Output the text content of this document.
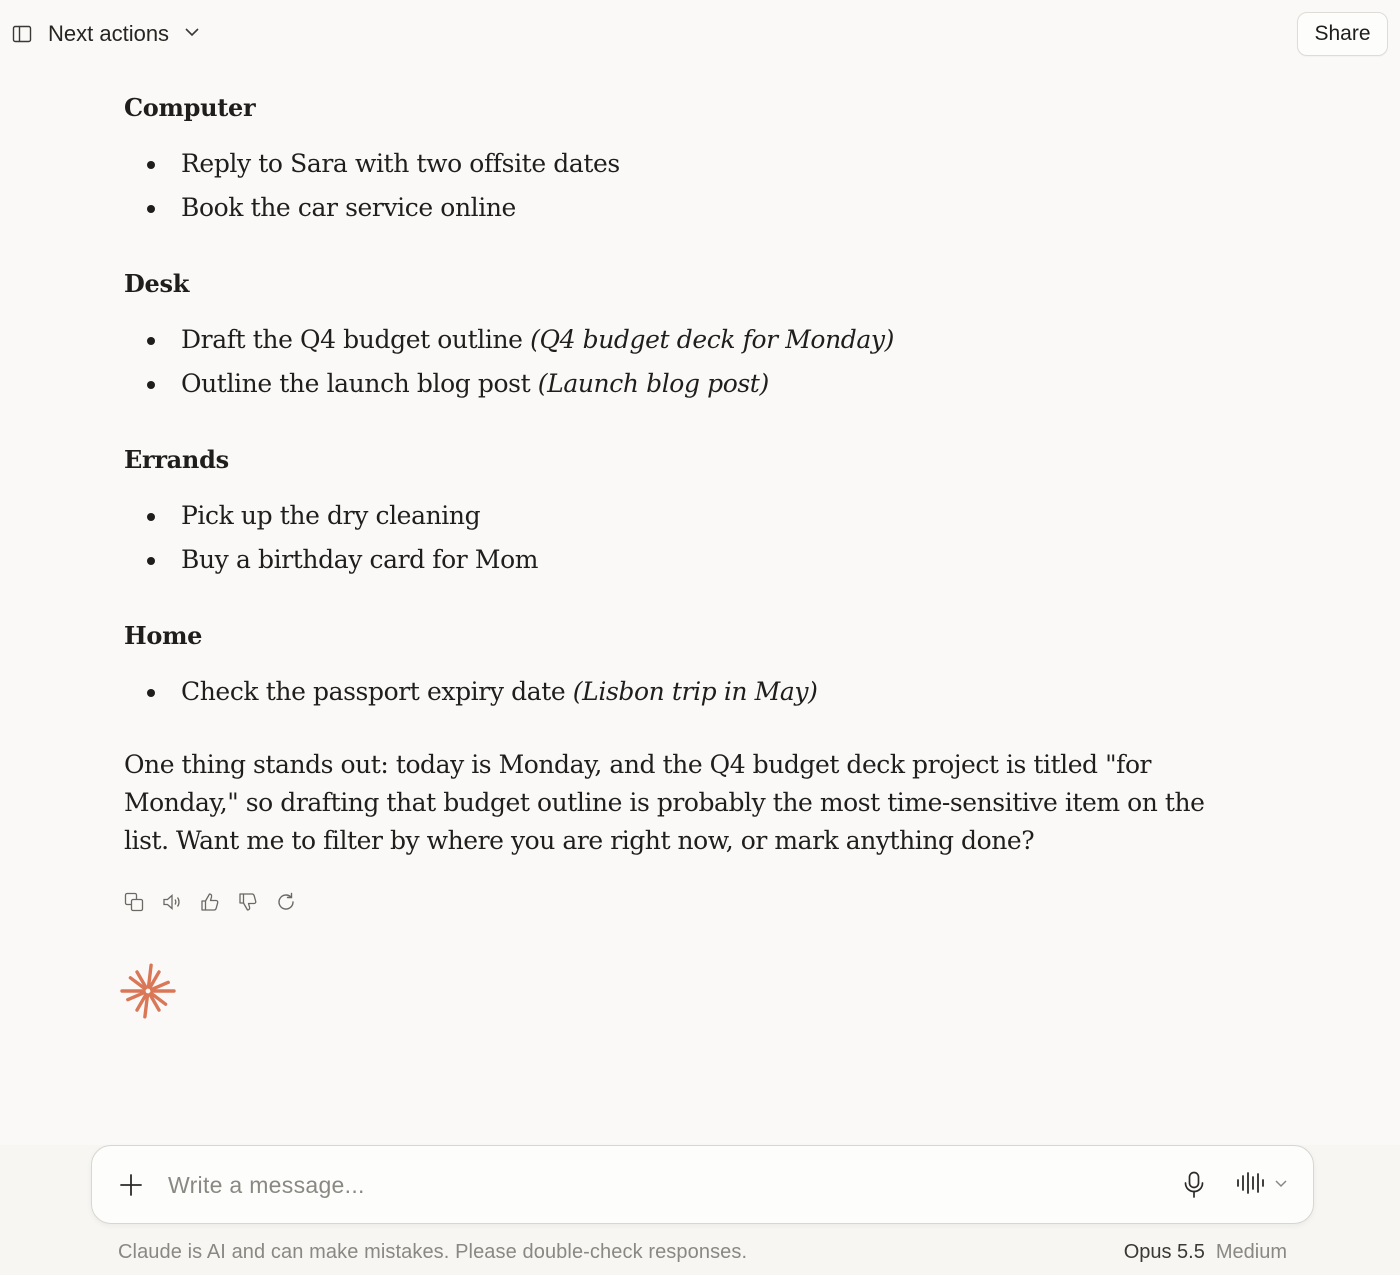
Next actions	Share
Computer
Reply to Sara with two offsite dates
Book the car service online
Desk
Draft the Q4 budget outline (Q4 budget deck for Monday)
Outline the launch blog post (Launch blog post)
Errands
Pick up the dry cleaning
Buy a birthday card for Mom
Home
Check the passport expiry date (Lisbon trip in May)

One thing stands out: today is Monday, and the Q4 budget deck project is titled "for Monday," so drafting that budget outline is probably the most time-sensitive item on the list. Want me to filter by where you are right now, or mark anything done?

Write a message...
Claude is AI and can make mistakes. Please double-check responses.	Opus 5.5 Medium
